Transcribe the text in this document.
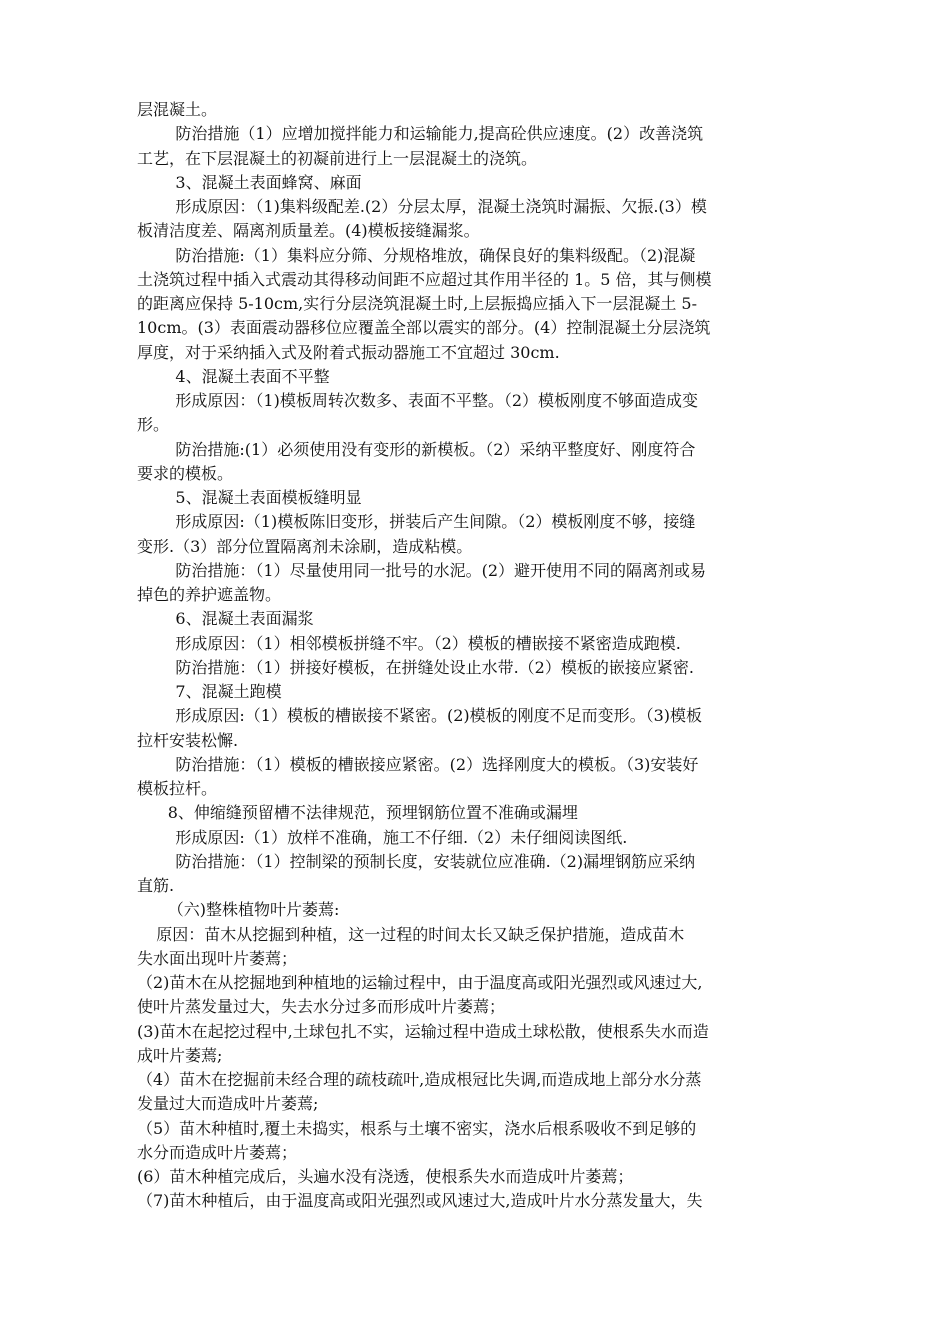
层混凝土。
防治措施（1）应增加搅拌能力和运输能力,提高砼供应速度。(2）改善浇筑
工艺，在下层混凝土的初凝前进行上一层混凝土的浇筑。
3、混凝土表面蜂窝、麻面
形成原因：（1)集料级配差.(2）分层太厚，混凝土浇筑时漏振、欠振.(3）模
板清洁度差、隔离剂质量差。(4)模板接缝漏浆。
防治措施:（1）集料应分筛、分规格堆放，确保良好的集料级配。（2)混凝
土浇筑过程中插入式震动其得移动间距不应超过其作用半径的 1。5 倍，其与侧模
的距离应保持 5-10cm,实行分层浇筑混凝土时,上层振捣应插入下一层混凝土 5-
10cm。(3）表面震动器移位应覆盖全部以震实的部分。(4）控制混凝土分层浇筑
厚度，对于采纳插入式及附着式振动器施工不宜超过 30cm.
4、混凝土表面不平整
形成原因：（1)模板周转次数多、表面不平整。（2）模板刚度不够面造成变
形。
防治措施:(1）必须使用没有变形的新模板。（2）采纳平整度好、刚度符合
要求的模板。
5、混凝土表面模板缝明显
形成原因:（1)模板陈旧变形，拼装后产生间隙。（2）模板刚度不够，接缝
变形.（3）部分位置隔离剂未涂刷，造成粘模。
防治措施：（1）尽量使用同一批号的水泥。(2）避开使用不同的隔离剂或易
掉色的养护遮盖物。
6、混凝土表面漏浆
形成原因：（1）相邻模板拼缝不牢。（2）模板的槽嵌接不紧密造成跑模.
防治措施：（1）拼接好模板，在拼缝处设止水带.（2）模板的嵌接应紧密.
7、混凝土跑模
形成原因:（1）模板的槽嵌接不紧密。(2)模板的刚度不足而变形。（3)模板
拉杆安装松懈.
防治措施：（1）模板的槽嵌接应紧密。(2）选择刚度大的模板。（3)安装好
模板拉杆。
8、伸缩缝预留槽不法律规范，预埋钢筋位置不准确或漏埋
形成原因:（1）放样不准确，施工不仔细.（2）未仔细阅读图纸.
防治措施：（1）控制梁的预制长度，安装就位应准确.（2)漏埋钢筋应采纳
直筋.
（六)整株植物叶片萎蔫:
原因：苗木从挖掘到种植，这一过程的时间太长又缺乏保护措施，造成苗木
失水面出现叶片萎蔫；
（2)苗木在从挖掘地到种植地的运输过程中，由于温度高或阳光强烈或风速过大,
使叶片蒸发量过大，失去水分过多而形成叶片萎蔫；
(3)苗木在起挖过程中,土球包扎不实，运输过程中造成土球松散，使根系失水而造
成叶片萎蔫;
（4）苗木在挖掘前未经合理的疏枝疏叶,造成根冠比失调,而造成地上部分水分蒸
发量过大而造成叶片萎蔫;
（5）苗木种植时,覆土未捣实，根系与土壤不密实，浇水后根系吸收不到足够的
水分而造成叶片萎蔫；
(6）苗木种植完成后，头遍水没有浇透，使根系失水而造成叶片萎蔫；
（7)苗木种植后，由于温度高或阳光强烈或风速过大,造成叶片水分蒸发量大，失
